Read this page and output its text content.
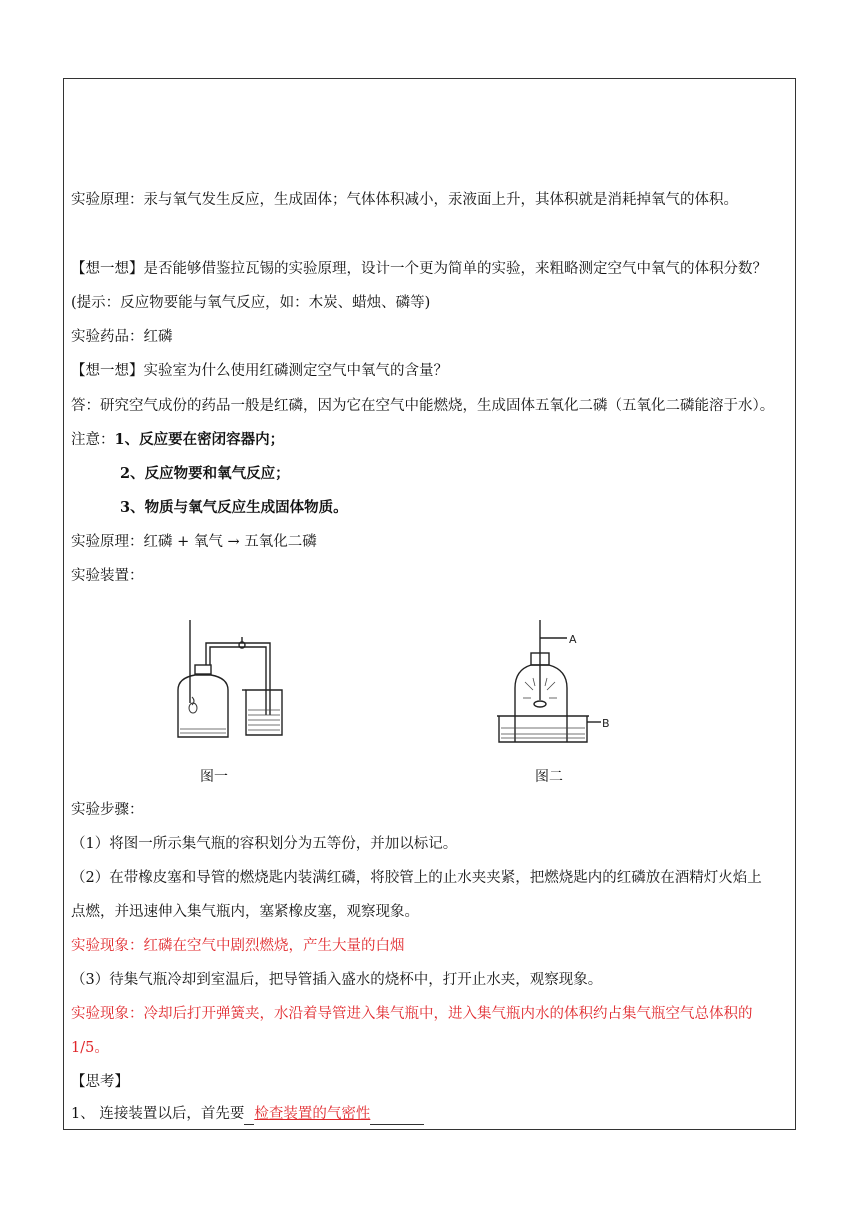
实验原理：汞与氧气发生反应，生成固体；气体体积减小，汞液面上升，其体积就是消耗掉氧气的体积。
【想一想】是否能够借鉴拉瓦锡的实验原理，设计一个更为简单的实验，来粗略测定空气中氧气的体积分数？
(提示：反应物要能与氧气反应，如：木炭、蜡烛、磷等)
实验药品：红磷
【想一想】实验室为什么使用红磷测定空气中氧气的含量？
答：研究空气成份的药品一般是红磷，因为它在空气中能燃烧，生成固体五氧化二磷（五氧化二磷能溶于水）。
注意：1、反应要在密闭容器内；
2、反应物要和氧气反应；
3、物质与氧气反应生成固体物质。
实验原理：红磷 + 氧气 → 五氧化二磷
实验装置：
图一
A
B
图二
实验步骤：
（1）将图一所示集气瓶的容积划分为五等份，并加以标记。
（2）在带橡皮塞和导管的燃烧匙内装满红磷，将胶管上的止水夹夹紧，把燃烧匙内的红磷放在酒精灯火焰上
点燃，并迅速伸入集气瓶内，塞紧橡皮塞，观察现象。
实验现象：红磷在空气中剧烈燃烧，产生大量的白烟
（3）待集气瓶冷却到室温后，把导管插入盛水的烧杯中，打开止水夹，观察现象。
实验现象：冷却后打开弹簧夹，水沿着导管进入集气瓶中，进入集气瓶内水的体积约占集气瓶空气总体积的
1/5。
【思考】
1、 连接装置以后，首先要 检查装置的气密性
